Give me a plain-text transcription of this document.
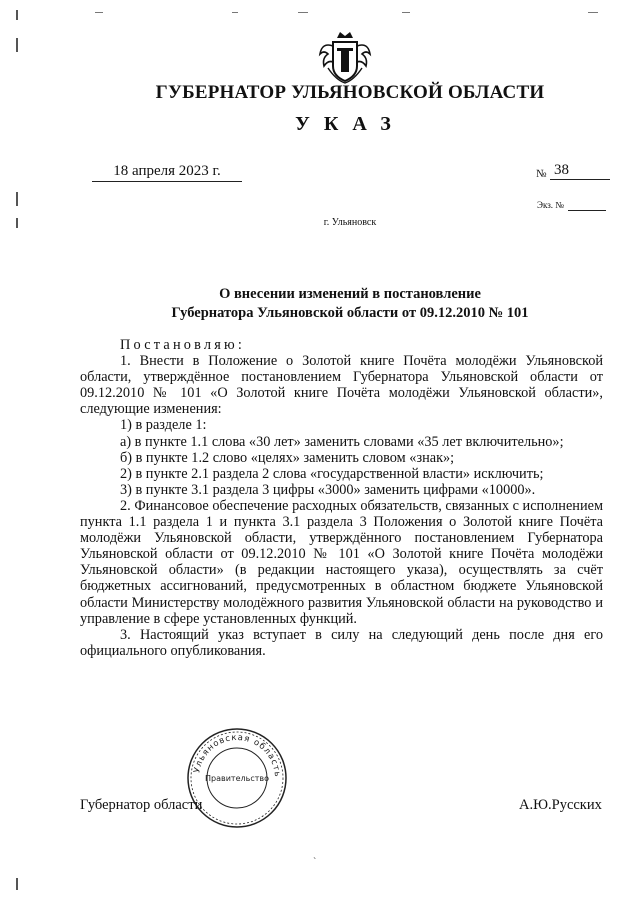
ГУБЕРНАТОР УЛЬЯНОВСКОЙ ОБЛАСТИ
УКАЗ
18 апреля 2023 г.	№ 38
Экз. №
г. Ульяновск
О внесении изменений в постановление
Губернатора Ульяновской области от 09.12.2010 № 101

Постановляю:

1. Внести в Положение о Золотой книге Почёта молодёжи Ульяновской области, утверждённое постановлением Губернатора Ульяновской области от 09.12.2010 № 101 «О Золотой книге Почёта молодёжи Ульяновской области», следующие изменения:

1) в разделе 1:

а) в пункте 1.1 слова «30 лет» заменить словами «35 лет включительно»;

б) в пункте 1.2 слово «целях» заменить словом «знак»;

2) в пункте 2.1 раздела 2 слова «государственной власти» исключить;

3) в пункте 3.1 раздела 3 цифры «3000» заменить цифрами «10000».

2. Финансовое обеспечение расходных обязательств, связанных с исполнением пункта 1.1 раздела 1 и пункта 3.1 раздела 3 Положения о Золотой книге Почёта молодёжи Ульяновской области, утверждённого постановлением Губернатора Ульяновской области от 09.12.2010 № 101 «О Золотой книге Почёта молодёжи Ульяновской области» (в редакции настоящего указа), осуществлять за счёт бюджетных ассигнований, предусмотренных в областном бюджете Ульяновской области Министерству молодёжного развития Ульяновской области на руководство и управление в сфере установленных функций.

3. Настоящий указ вступает в силу на следующий день после дня его официального опубликования.

Губернатор области	А.Ю.Русских
Ульяновская область
Правительство
`
